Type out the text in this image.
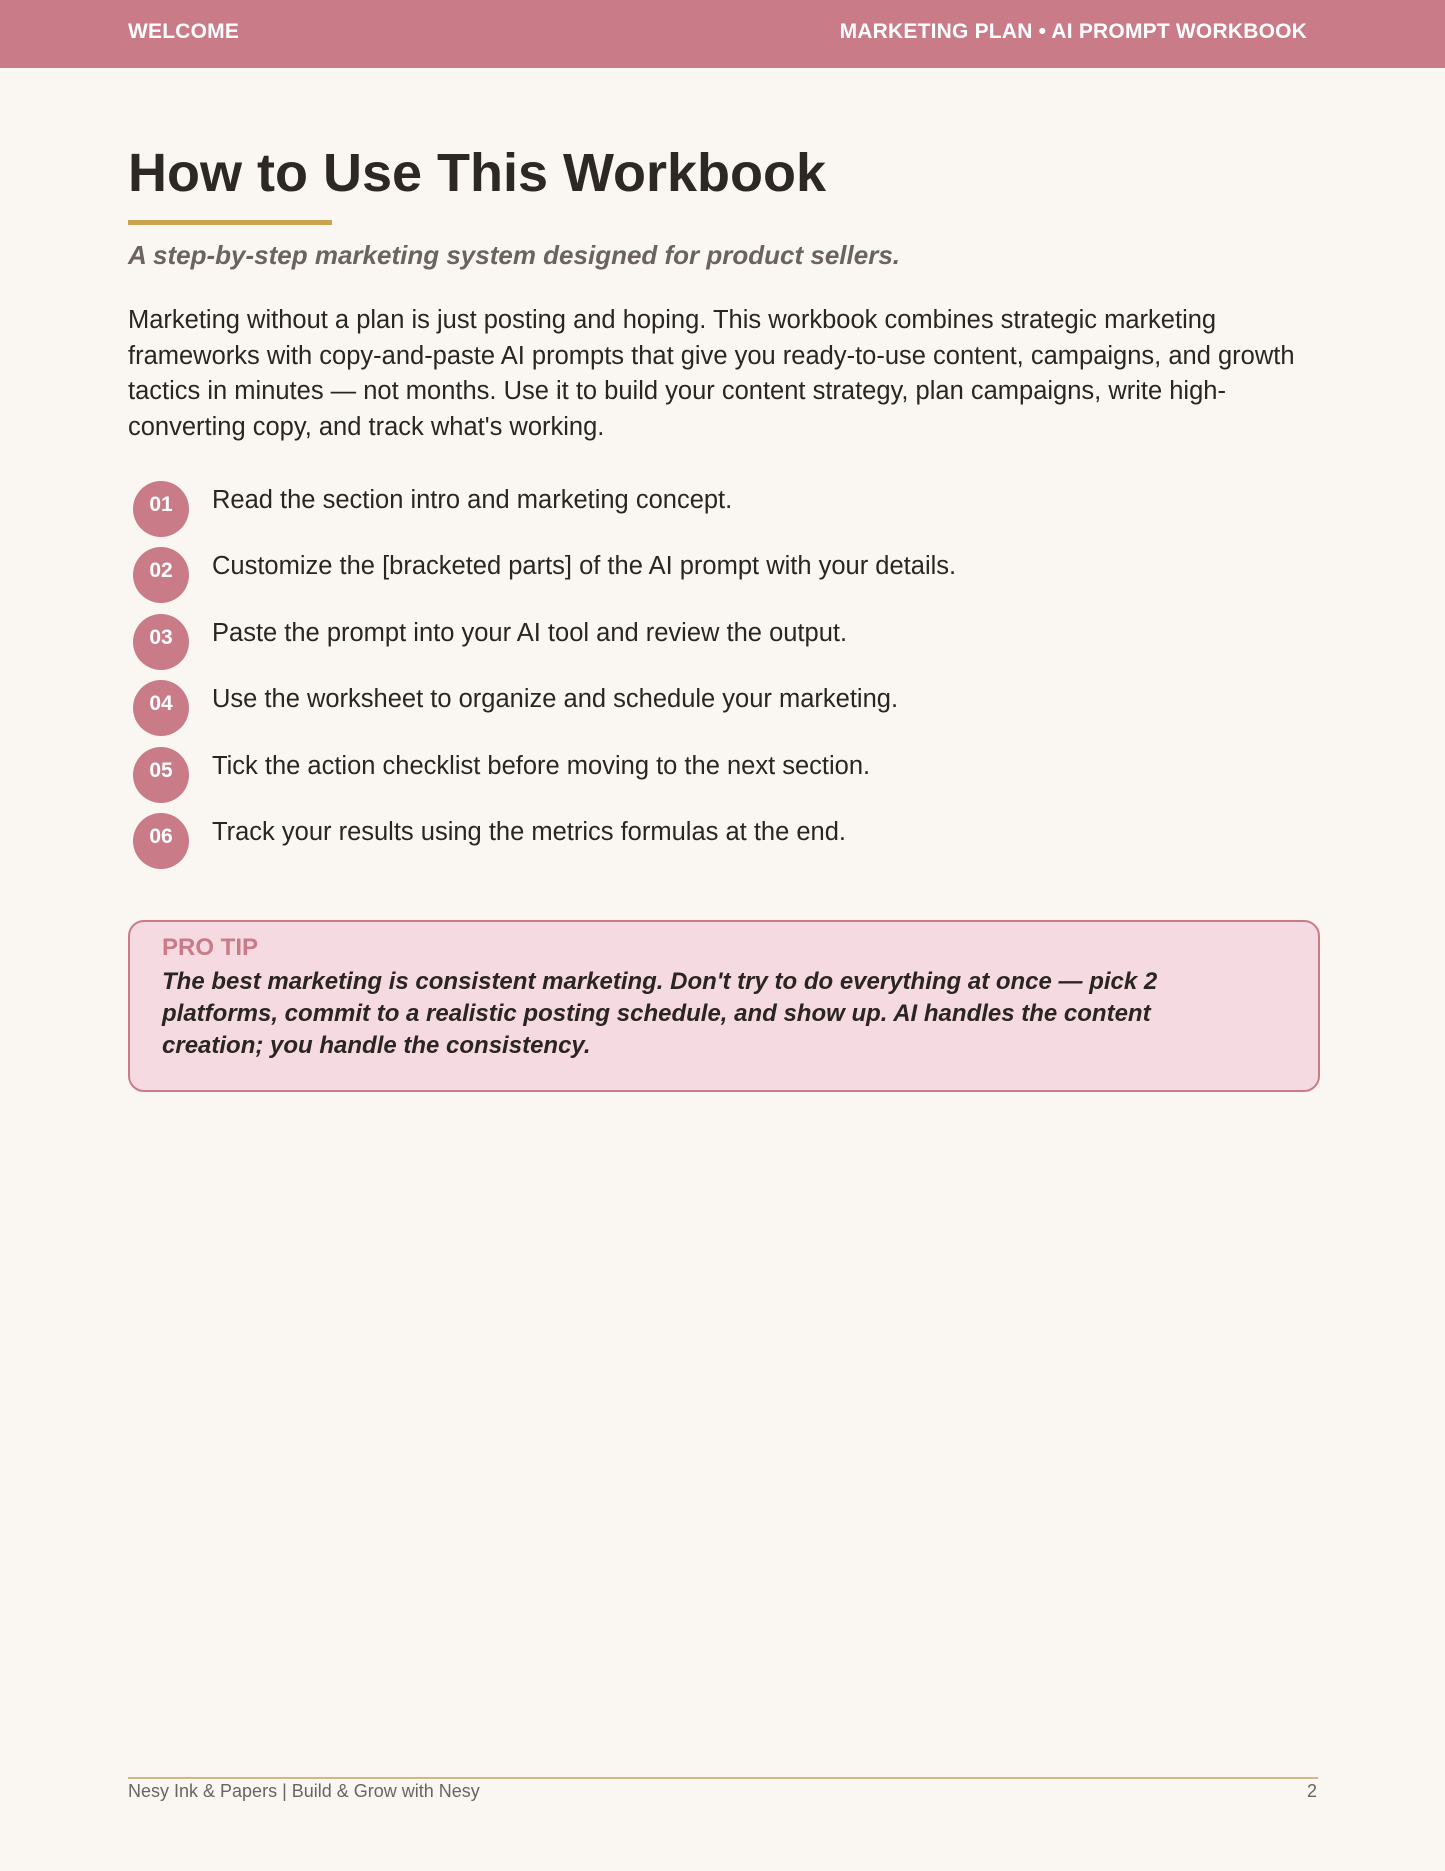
WELCOME	MARKETING PLAN • AI PROMPT WORKBOOK
How to Use This Workbook
A step-by-step marketing system designed for product sellers.

Marketing without a plan is just posting and hoping. This workbook combines strategic marketing frameworks with copy-and-paste AI prompts that give you ready-to-use content, campaigns, and growth tactics in minutes — not months. Use it to build your content strategy, plan campaigns, write high-converting copy, and track what's working.

01	Read the section intro and marketing concept.
02	Customize the [bracketed parts] of the AI prompt with your details.
03	Paste the prompt into your AI tool and review the output.
04	Use the worksheet to organize and schedule your marketing.
05	Tick the action checklist before moving to the next section.
06	Track your results using the metrics formulas at the end.
PRO TIP

The best marketing is consistent marketing. Don't try to do everything at once — pick 2 platforms, commit to a realistic posting schedule, and show up. AI handles the content creation; you handle the consistency.

Nesy Ink & Papers | Build & Grow with Nesy	2
